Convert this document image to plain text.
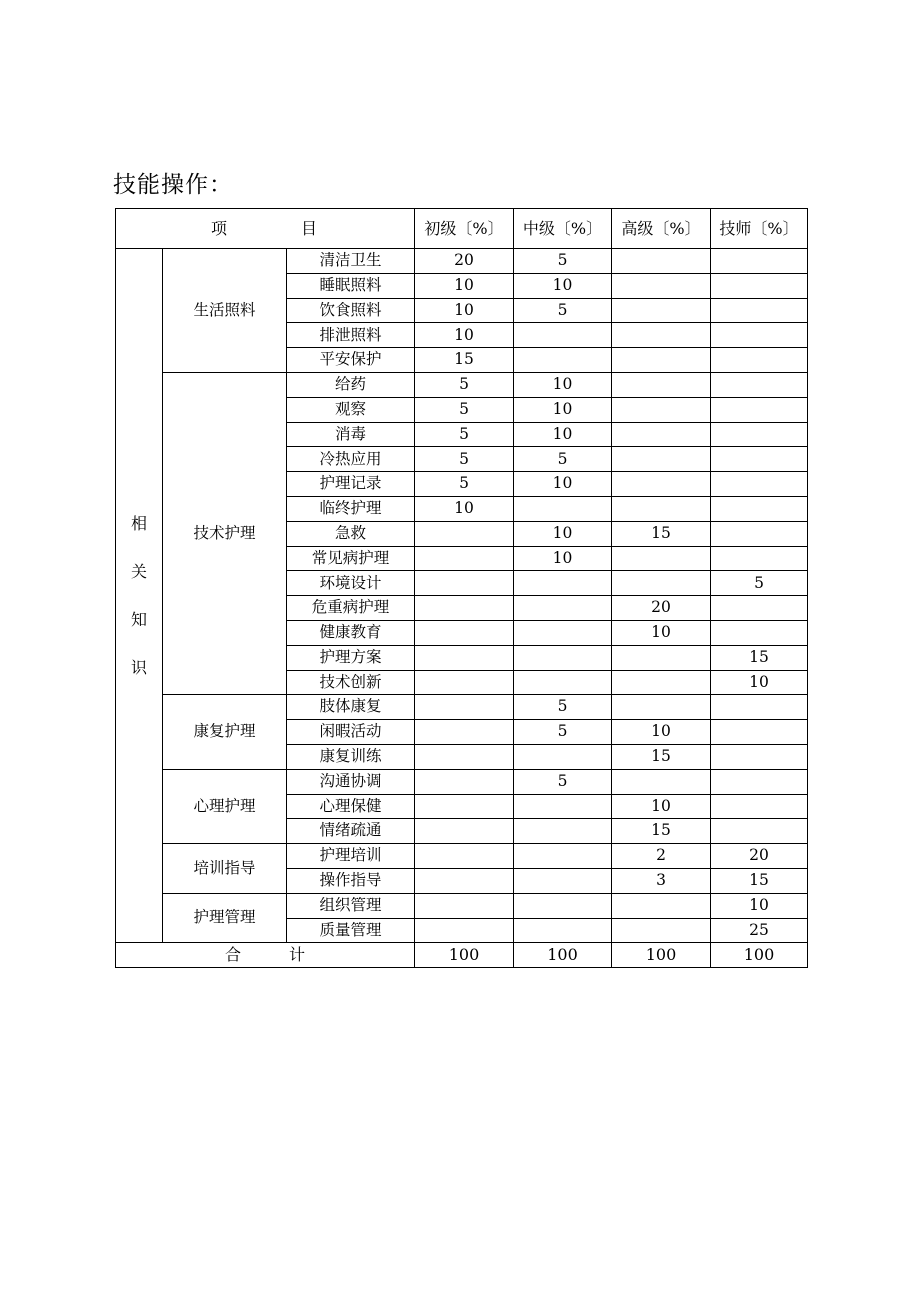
技能操作：
项　　　　目			初级〔%〕	中级〔%〕	高级〔%〕	技师〔%〕

相关知识	生活照料	清洁卫生	20	5		
		睡眠照料	10	10		
		饮食照料	10	5		
		排泄照料	10			
		平安保护	15			
	技术护理	给药	5	10		
		观察	5	10		
		消毒	5	10		
		冷热应用	5	5		
		护理记录	5	10		
		临终护理	10			
		急救		10	15	
		常见病护理		10		
		环境设计				5
		危重病护理			20	
		健康教育			10	
		护理方案				15
		技术创新				10
	康复护理	肢体康复		5		
		闲暇活动		5	10	
		康复训练			15	
	心理护理	沟通协调		5		
		心理保健			10	
		情绪疏通			15	
	培训指导	护理培训			2	20
		操作指导			3	15
	护理管理	组织管理				10
		质量管理				25
合　　　计			100	100	100	100
